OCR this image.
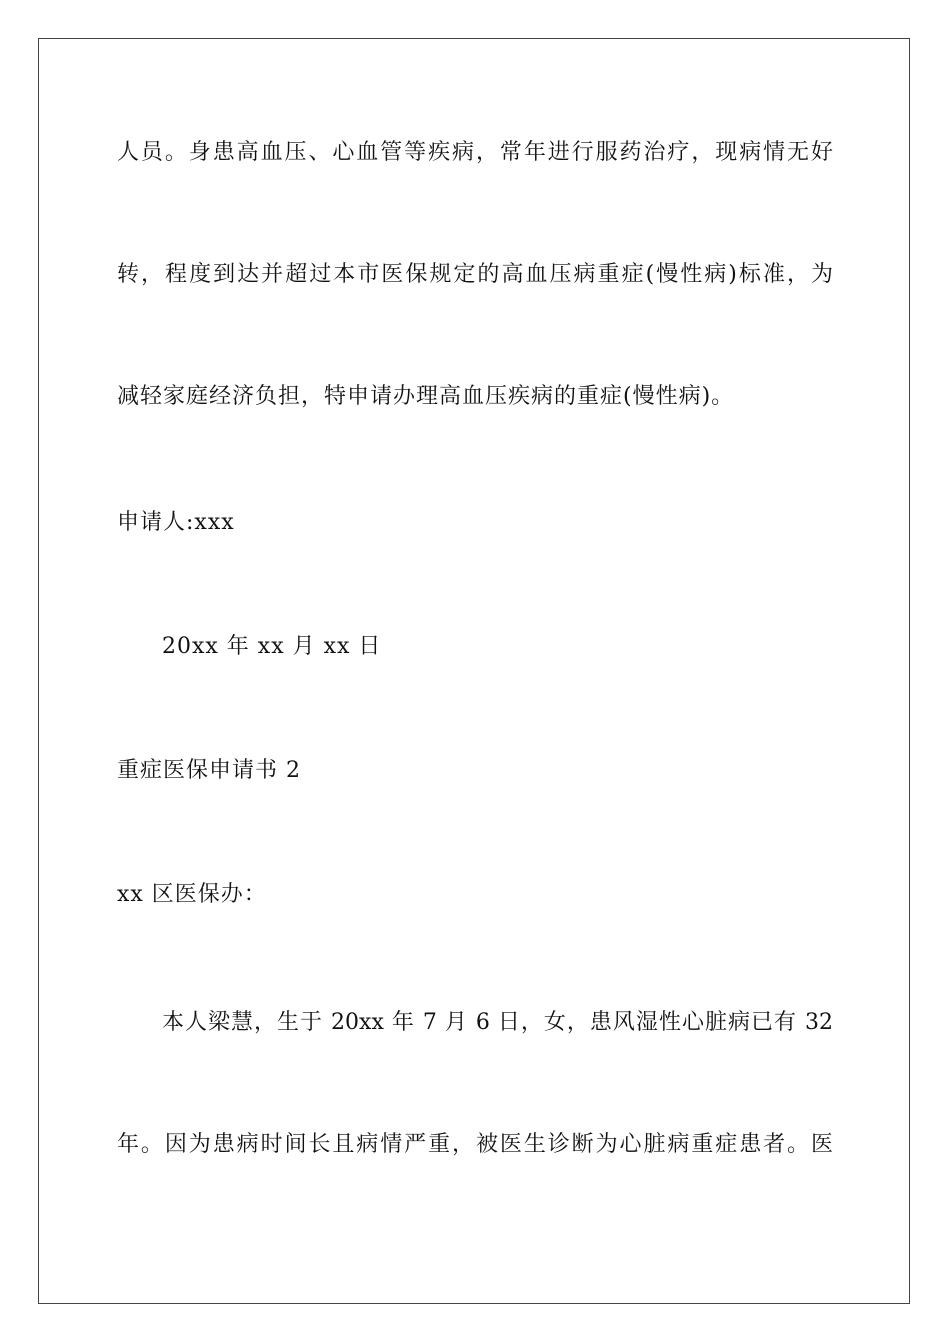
人员。身患高血压、心血管等疾病，常年进行服药治疗，现病情无好
转，程度到达并超过本市医保规定的高血压病重症(慢性病)标准，为
减轻家庭经济负担，特申请办理高血压疾病的重症(慢性病)。
申请人:xxx
20xx 年 xx 月 xx 日
重症医保申请书 2
xx 区医保办：
本人梁慧，生于 20xx 年 7 月 6 日，女，患风湿性心脏病已有 32
年。因为患病时间长且病情严重，被医生诊断为心脏病重症患者。医
